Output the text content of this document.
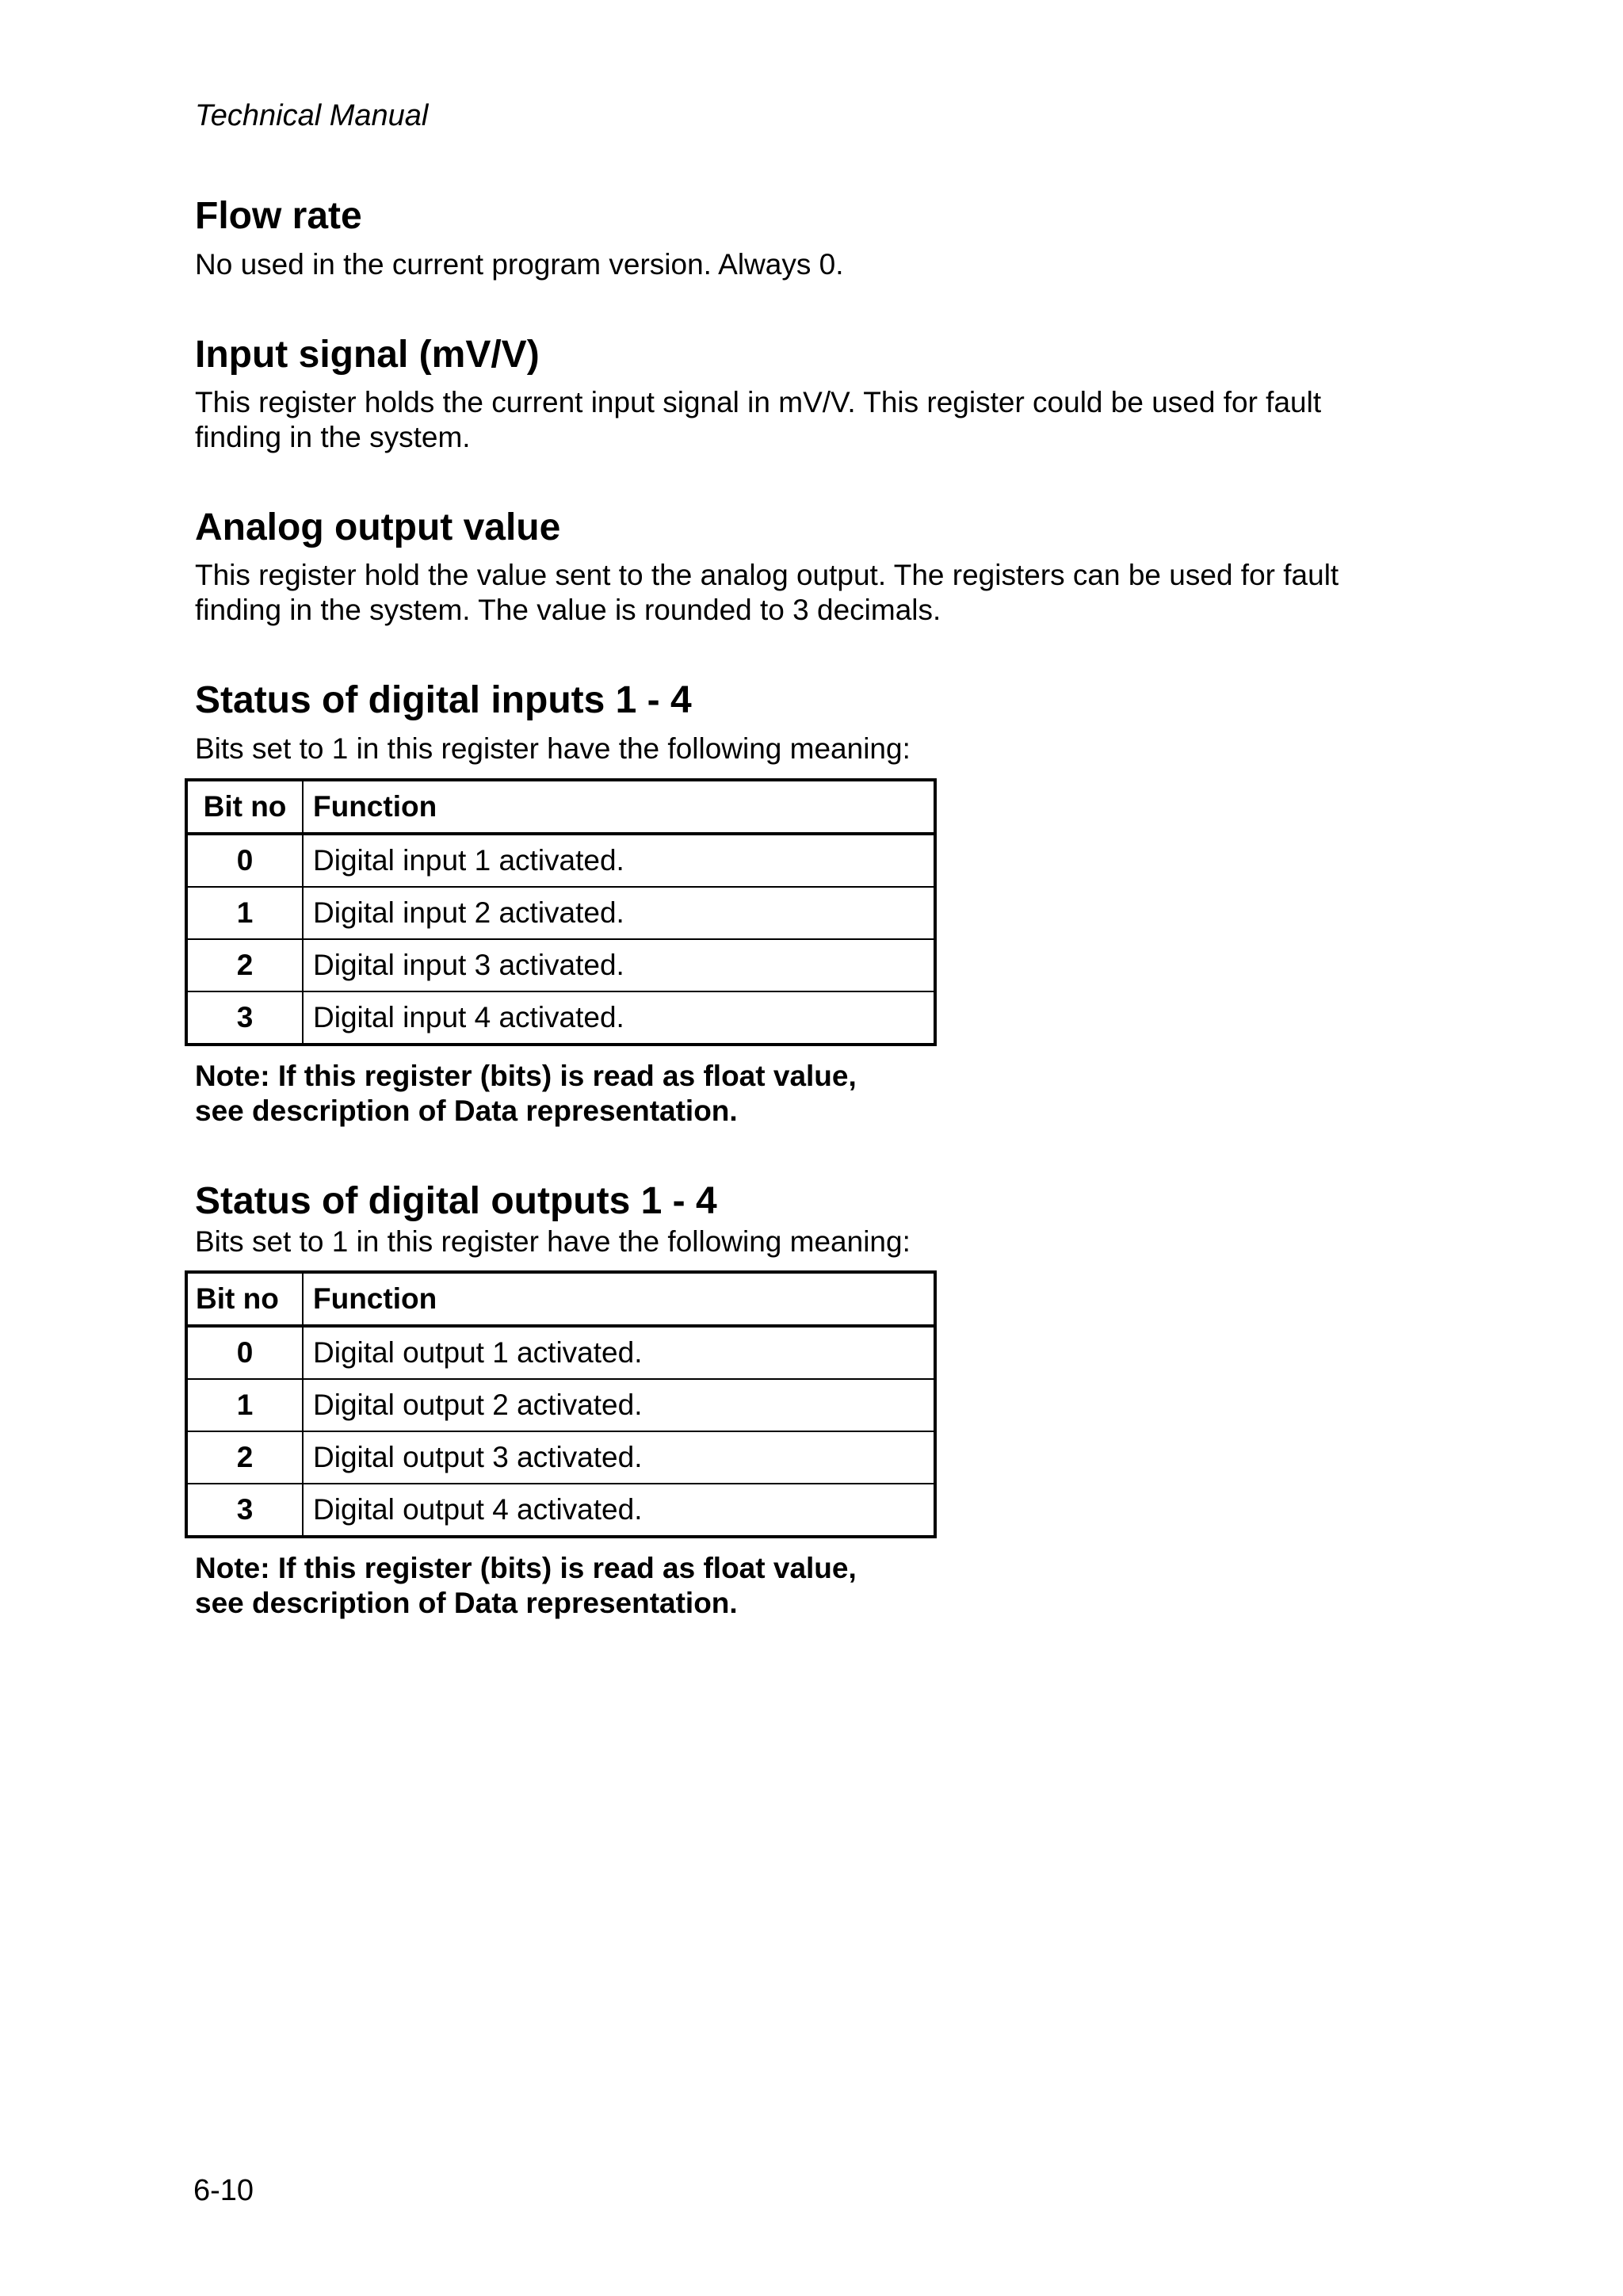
Technical Manual

Flow rate

No used in the current program version. Always 0.

Input signal (mV/V)

This register holds the current input signal in mV/V. This register could be used for fault finding in the system.

Analog output value

This register hold the value sent to the analog output. The registers can be used for fault finding in the system. The value is rounded to 3 decimals.

Status of digital inputs 1 - 4

Bits set to 1 in this register have the following meaning:

Bit no	Function
0	Digital input 1 activated.
1	Digital input 2 activated.
2	Digital input 3 activated.
3	Digital input 4 activated.

Note: If this register (bits) is read as float value,

see description of Data representation.

Status of digital outputs 1 - 4

Bits set to 1 in this register have the following meaning:

Bit no	Function
0	Digital output 1 activated.
1	Digital output 2 activated.
2	Digital output 3 activated.
3	Digital output 4 activated.

Note: If this register (bits) is read as float value,

see description of Data representation.

6-10
